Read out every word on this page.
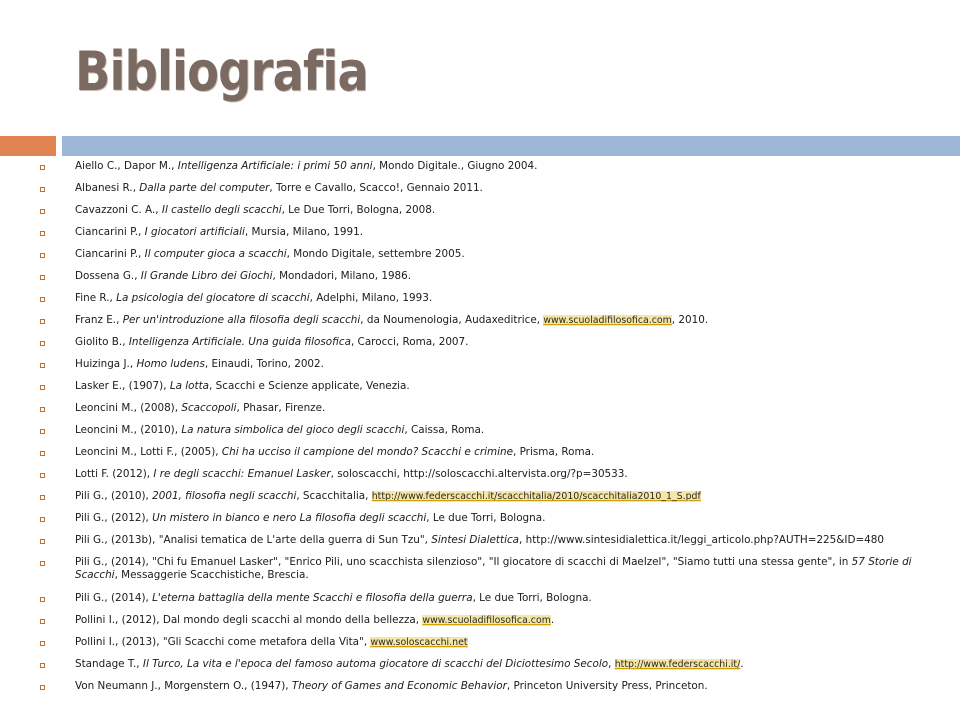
Bibliografia
Aiello C., Dapor M., Intelligenza Artificiale: i primi 50 anni, Mondo Digitale., Giugno 2004.
Albanesi R., Dalla parte del computer, Torre e Cavallo, Scacco!, Gennaio 2011.
Cavazzoni C. A., Il castello degli scacchi, Le Due Torri, Bologna, 2008.
Ciancarini P., I giocatori artificiali, Mursia, Milano, 1991.
Ciancarini P., Il computer gioca a scacchi, Mondo Digitale, settembre 2005.
Dossena G., Il Grande Libro dei Giochi, Mondadori, Milano, 1986.
Fine R., La psicologia del giocatore di scacchi, Adelphi, Milano, 1993.
Franz E., Per un'introduzione alla filosofia degli scacchi, da Noumenologia, Audaxeditrice, www.scuoladifilosofica.com, 2010.
Giolito B., Intelligenza Artificiale. Una guida filosofica, Carocci, Roma, 2007.
Huizinga J., Homo ludens, Einaudi, Torino, 2002.
Lasker E., (1907), La lotta, Scacchi e Scienze applicate, Venezia.
Leoncini M., (2008), Scaccopoli, Phasar, Firenze.
Leoncini M., (2010), La natura simbolica del gioco degli scacchi, Caissa, Roma.
Leoncini M., Lotti F., (2005), Chi ha ucciso il campione del mondo? Scacchi e crimine, Prisma, Roma.
Lotti F. (2012), I re degli scacchi: Emanuel Lasker, soloscacchi, http://soloscacchi.altervista.org/?p=30533.
Pili G., (2010), 2001, filosofia negli scacchi, Scacchitalia, http://www.federscacchi.it/scacchitalia/2010/scacchitalia2010_1_S.pdf
Pili G., (2012), Un mistero in bianco e nero La filosofia degli scacchi, Le due Torri, Bologna.
Pili G., (2013b), "Analisi tematica de L'arte della guerra di Sun Tzu", Sintesi Dialettica, http://www.sintesidialettica.it/leggi_articolo.php?AUTH=225&ID=480
Pili G., (2014), "Chi fu Emanuel Lasker", "Enrico Pili, uno scacchista silenzioso", "Il giocatore di scacchi di Maelzel", "Siamo tutti una stessa gente", in 57 Storie di Scacchi, Messaggerie Scacchistiche, Brescia.
Pili G., (2014), L'eterna battaglia della mente Scacchi e filosofia della guerra, Le due Torri, Bologna.
Pollini I., (2012), Dal mondo degli scacchi al mondo della bellezza, www.scuoladifilosofica.com.
Pollini I., (2013), "Gli Scacchi come metafora della Vita", www.soloscacchi.net
Standage T., Il Turco, La vita e l'epoca del famoso automa giocatore di scacchi del Diciottesimo Secolo, http://www.federscacchi.it/.
Von Neumann J., Morgenstern O., (1947), Theory of Games and Economic Behavior, Princeton University Press, Princeton.
